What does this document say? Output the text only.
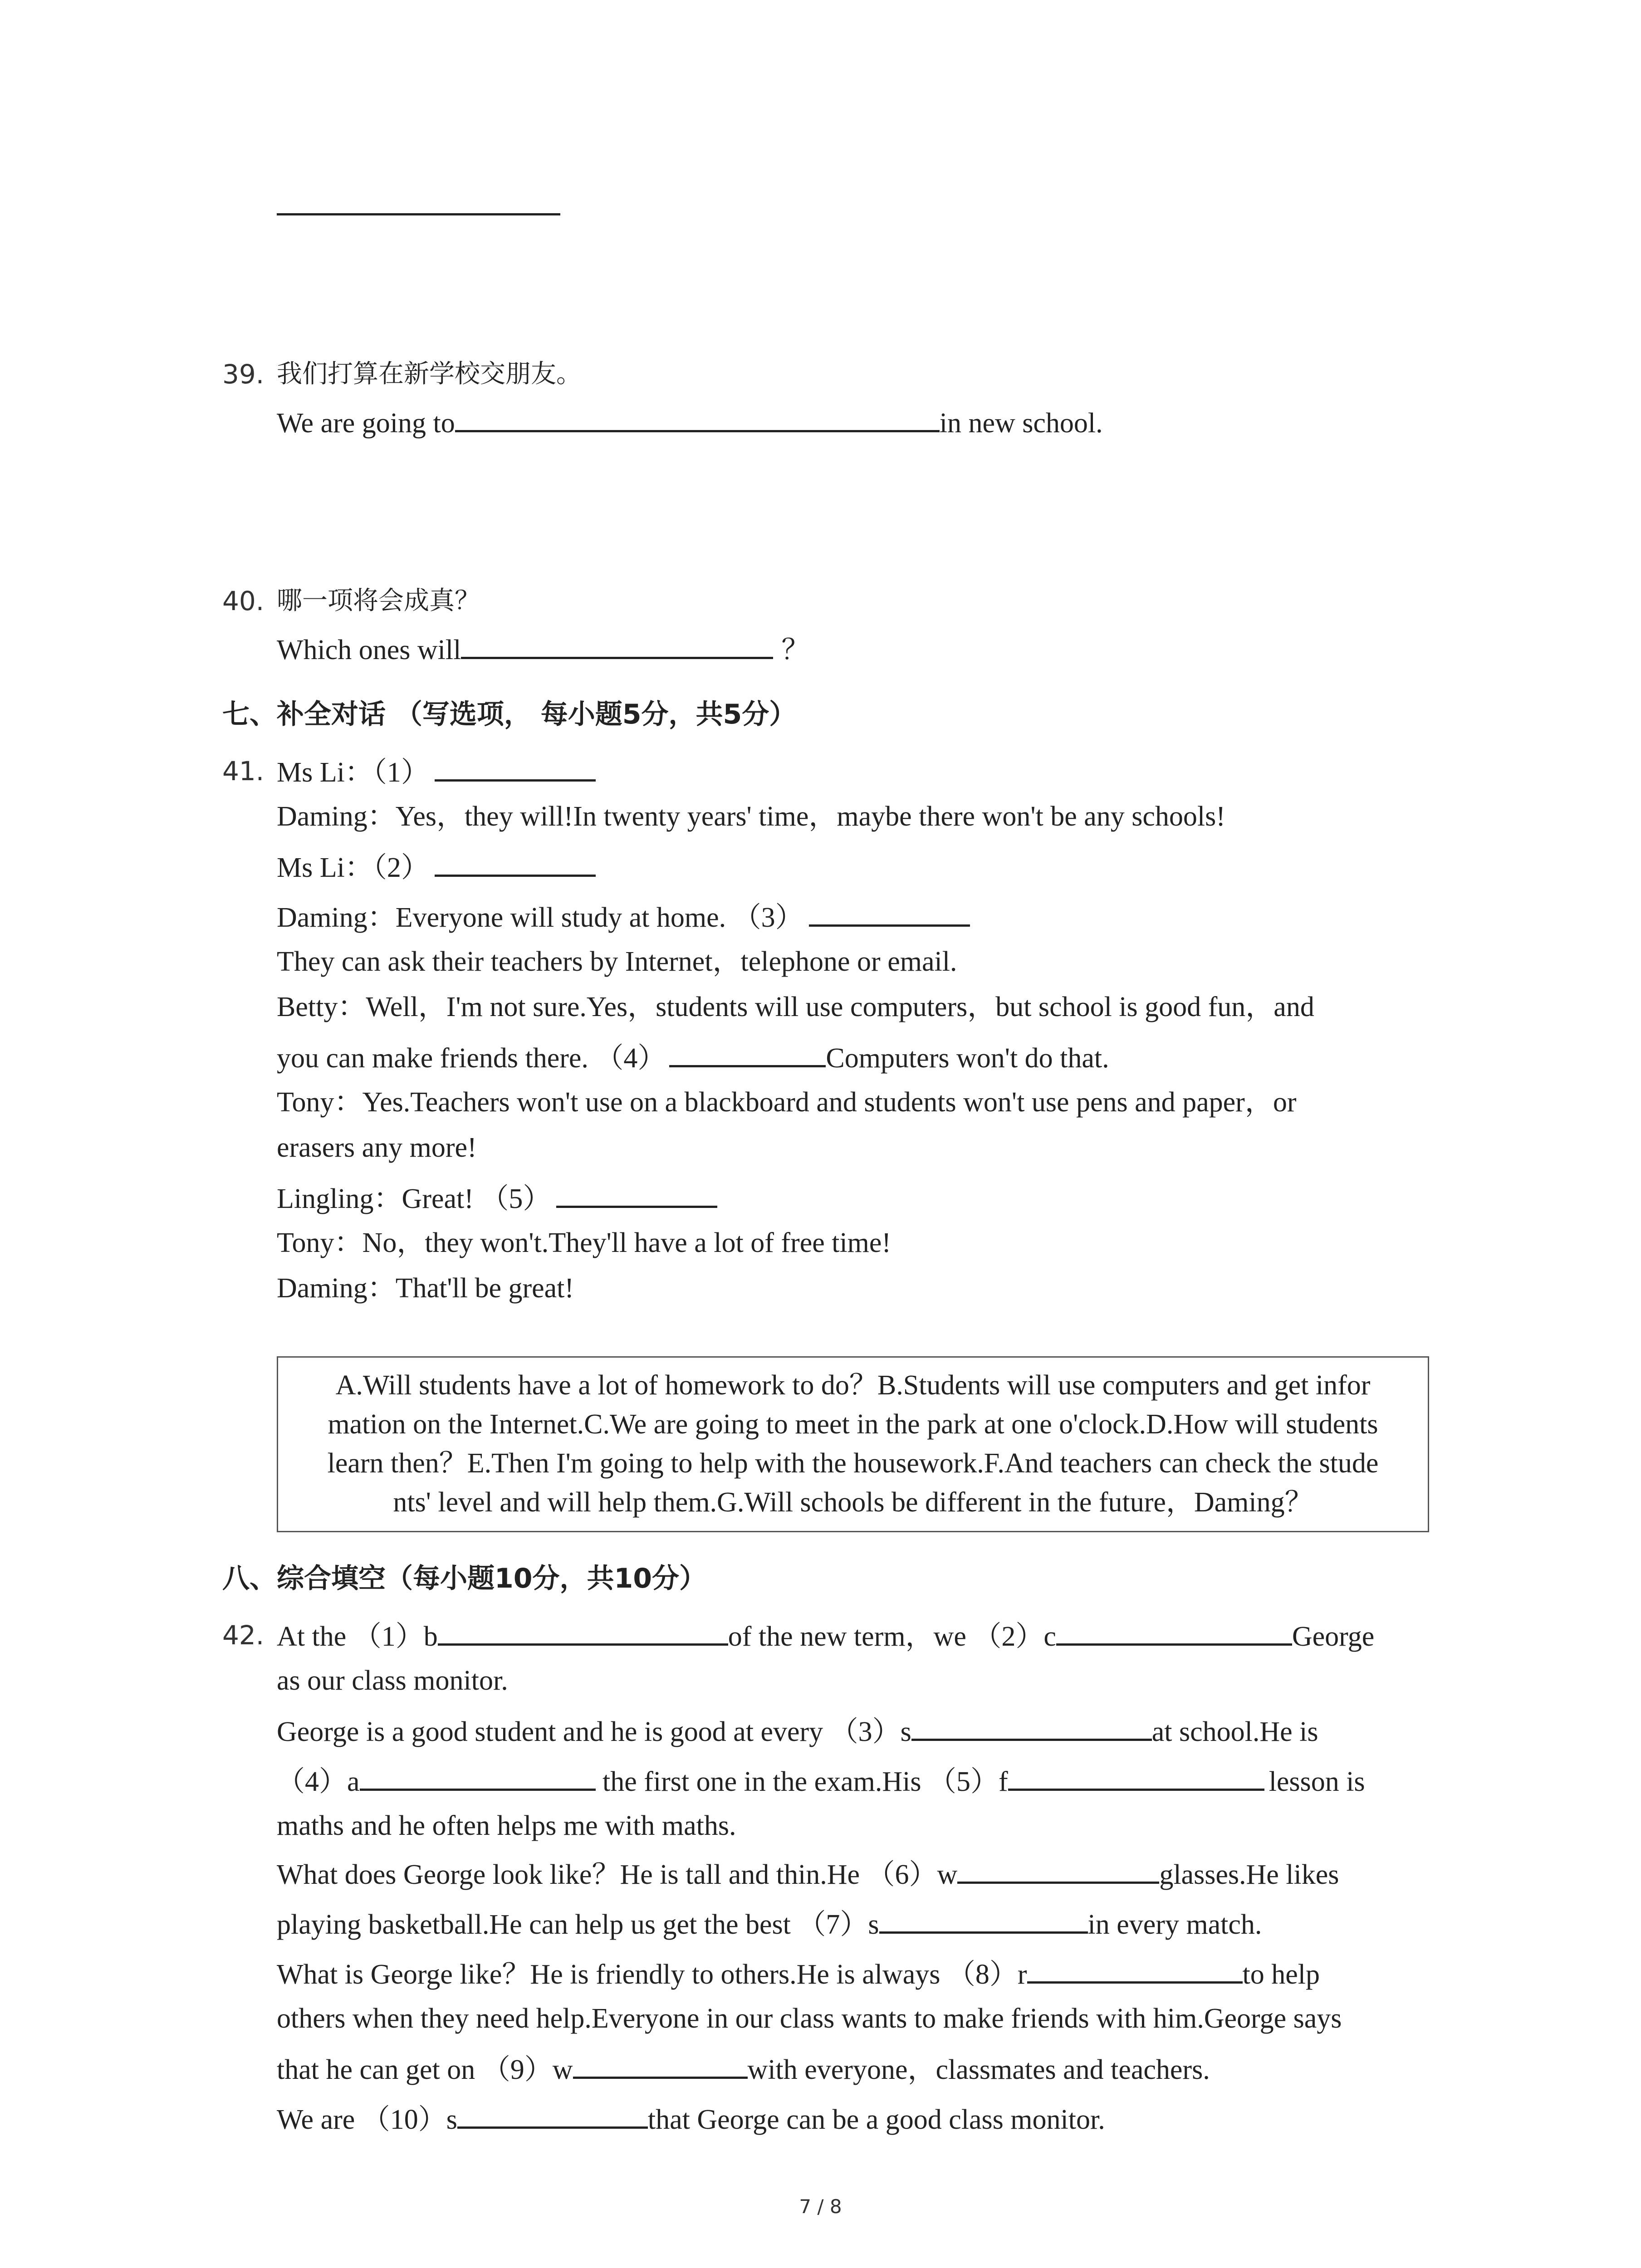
39. 我们打算在新学校交朋友。
We are going to	in new school.
40. 哪一项将会成真？
Which ones will	？
七、补全对话 （写选项， 每小题5分，共5分）
41. Ms Li：（1）
Daming：Yes，they will!In twenty years' time，maybe there won't be any schools!
Ms Li：（2）
Daming：Everyone will study at home. （3）
They can ask their teachers by Internet，telephone or email.
Betty：Well，I'm not sure.Yes，students will use computers，but school is good fun，and
you can make friends there. （4）	Computers won't do that.
Tony：Yes.Teachers won't use on a blackboard and students won't use pens and paper，or
erasers any more!
Lingling：Great! （5）
Tony：No，they won't.They'll have a lot of free time!
Daming：That'll be great!
A.Will students have a lot of homework to do？B.Students will use computers and get infor
mation on the Internet.C.We are going to meet in the park at one o'clock.D.How will students
learn then？E.Then I'm going to help with the housework.F.And teachers can check the stude
nts' level and will help them.G.Will schools be different in the future，Daming？
八、综合填空（每小题10分，共10分）
42. At the （1）b	of the new term，we （2）c	George
as our class monitor.
George is a good student and he is good at every （3）s	at school.He is
（4）a	the first one in the exam.His （5）f	lesson is
maths and he often helps me with maths.
What does George look like？He is tall and thin.He （6）w	glasses.He likes
playing basketball.He can help us get the best （7）s	in every match.
What is George like？He is friendly to others.He is always （8）r	to help
others when they need help.Everyone in our class wants to make friends with him.George says
that he can get on （9）w	with everyone，classmates and teachers.
We are （10）s	that George can be a good class monitor.
7 / 8
